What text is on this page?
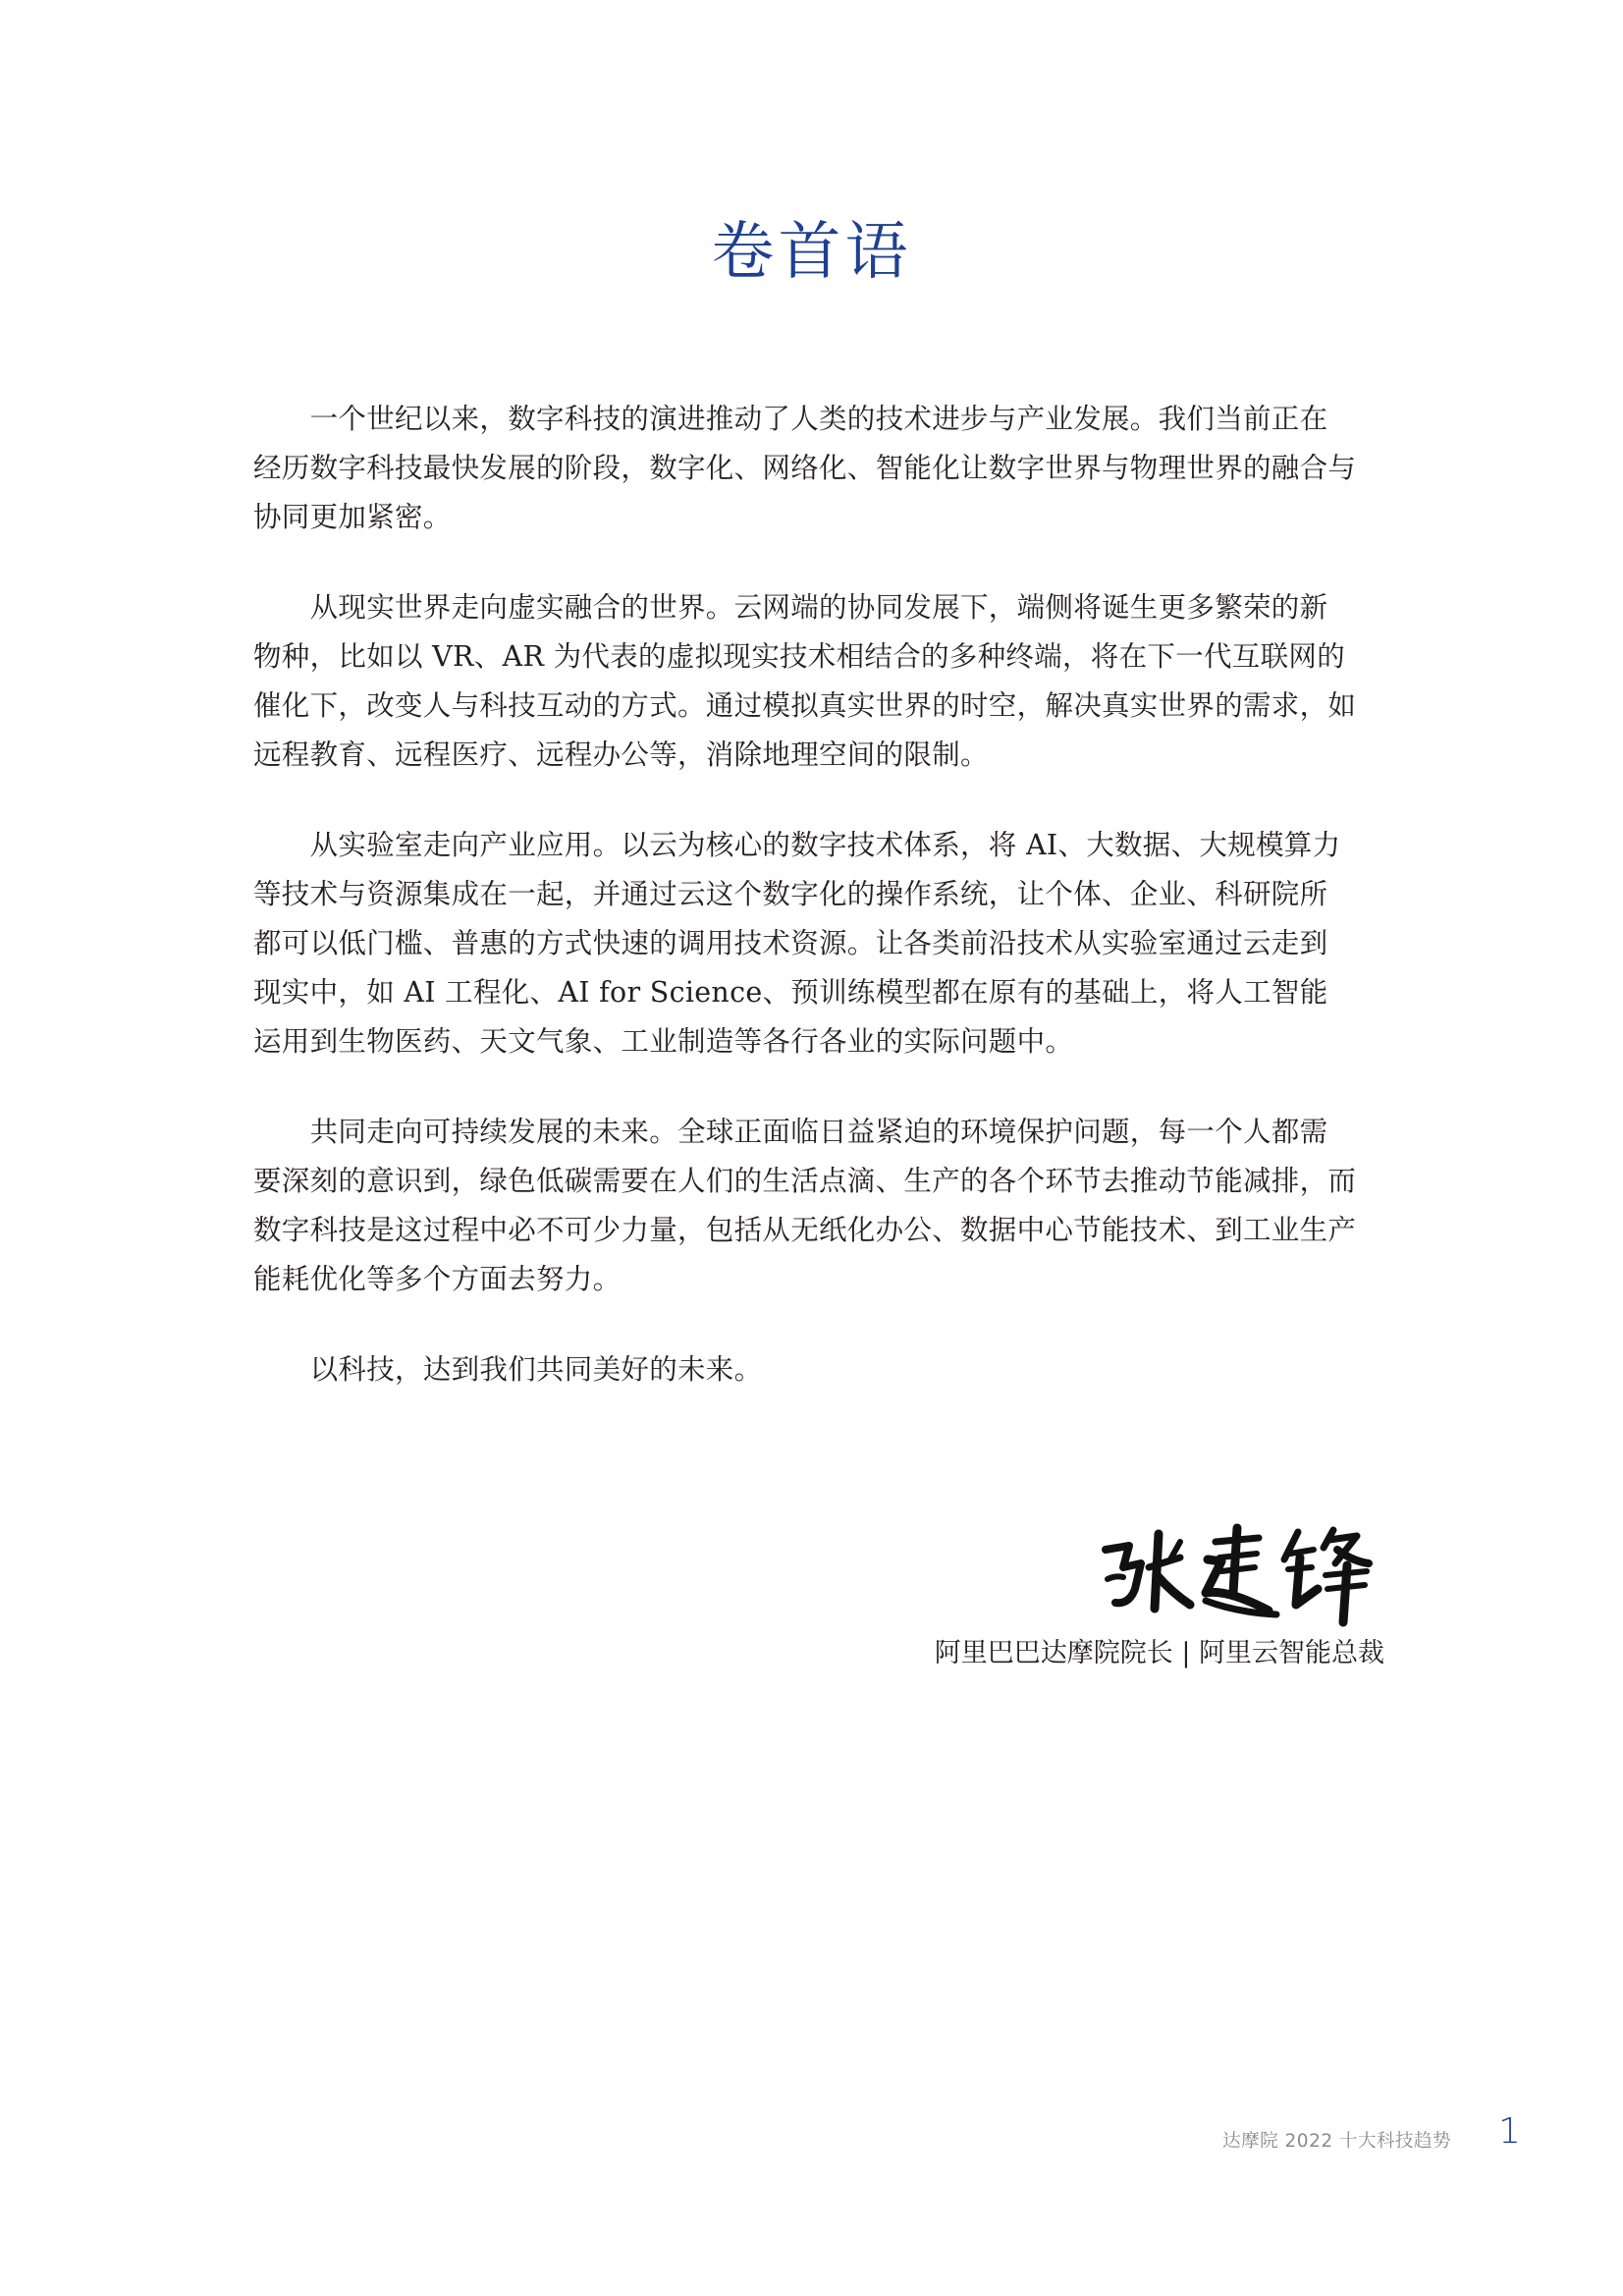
卷首语

　　一个世纪以来，数字科技的演进推动了人类的技术进步与产业发展。我们当前正在
经历数字科技最快发展的阶段，数字化、网络化、智能化让数字世界与物理世界的融合与
协同更加紧密。

　　从现实世界走向虚实融合的世界。云网端的协同发展下，端侧将诞生更多繁荣的新
物种，比如以 VR、AR 为代表的虚拟现实技术相结合的多种终端，将在下一代互联网的
催化下，改变人与科技互动的方式。通过模拟真实世界的时空，解决真实世界的需求，如
远程教育、远程医疗、远程办公等，消除地理空间的限制。

　　从实验室走向产业应用。以云为核心的数字技术体系，将 AI、大数据、大规模算力
等技术与资源集成在一起，并通过云这个数字化的操作系统，让个体、企业、科研院所
都可以低门槛、普惠的方式快速的调用技术资源。让各类前沿技术从实验室通过云走到
现实中，如 AI 工程化、AI for Science、预训练模型都在原有的基础上，将人工智能
运用到生物医药、天文气象、工业制造等各行各业的实际问题中。

　　共同走向可持续发展的未来。全球正面临日益紧迫的环境保护问题，每一个人都需
要深刻的意识到，绿色低碳需要在人们的生活点滴、生产的各个环节去推动节能减排，而
数字科技是这过程中必不可少力量，包括从无纸化办公、数据中心节能技术、到工业生产
能耗优化等多个方面去努力。

　　以科技，达到我们共同美好的未来。

阿里巴巴达摩院院长 | 阿里云智能总裁
达摩院 2022 十大科技趋势 1
